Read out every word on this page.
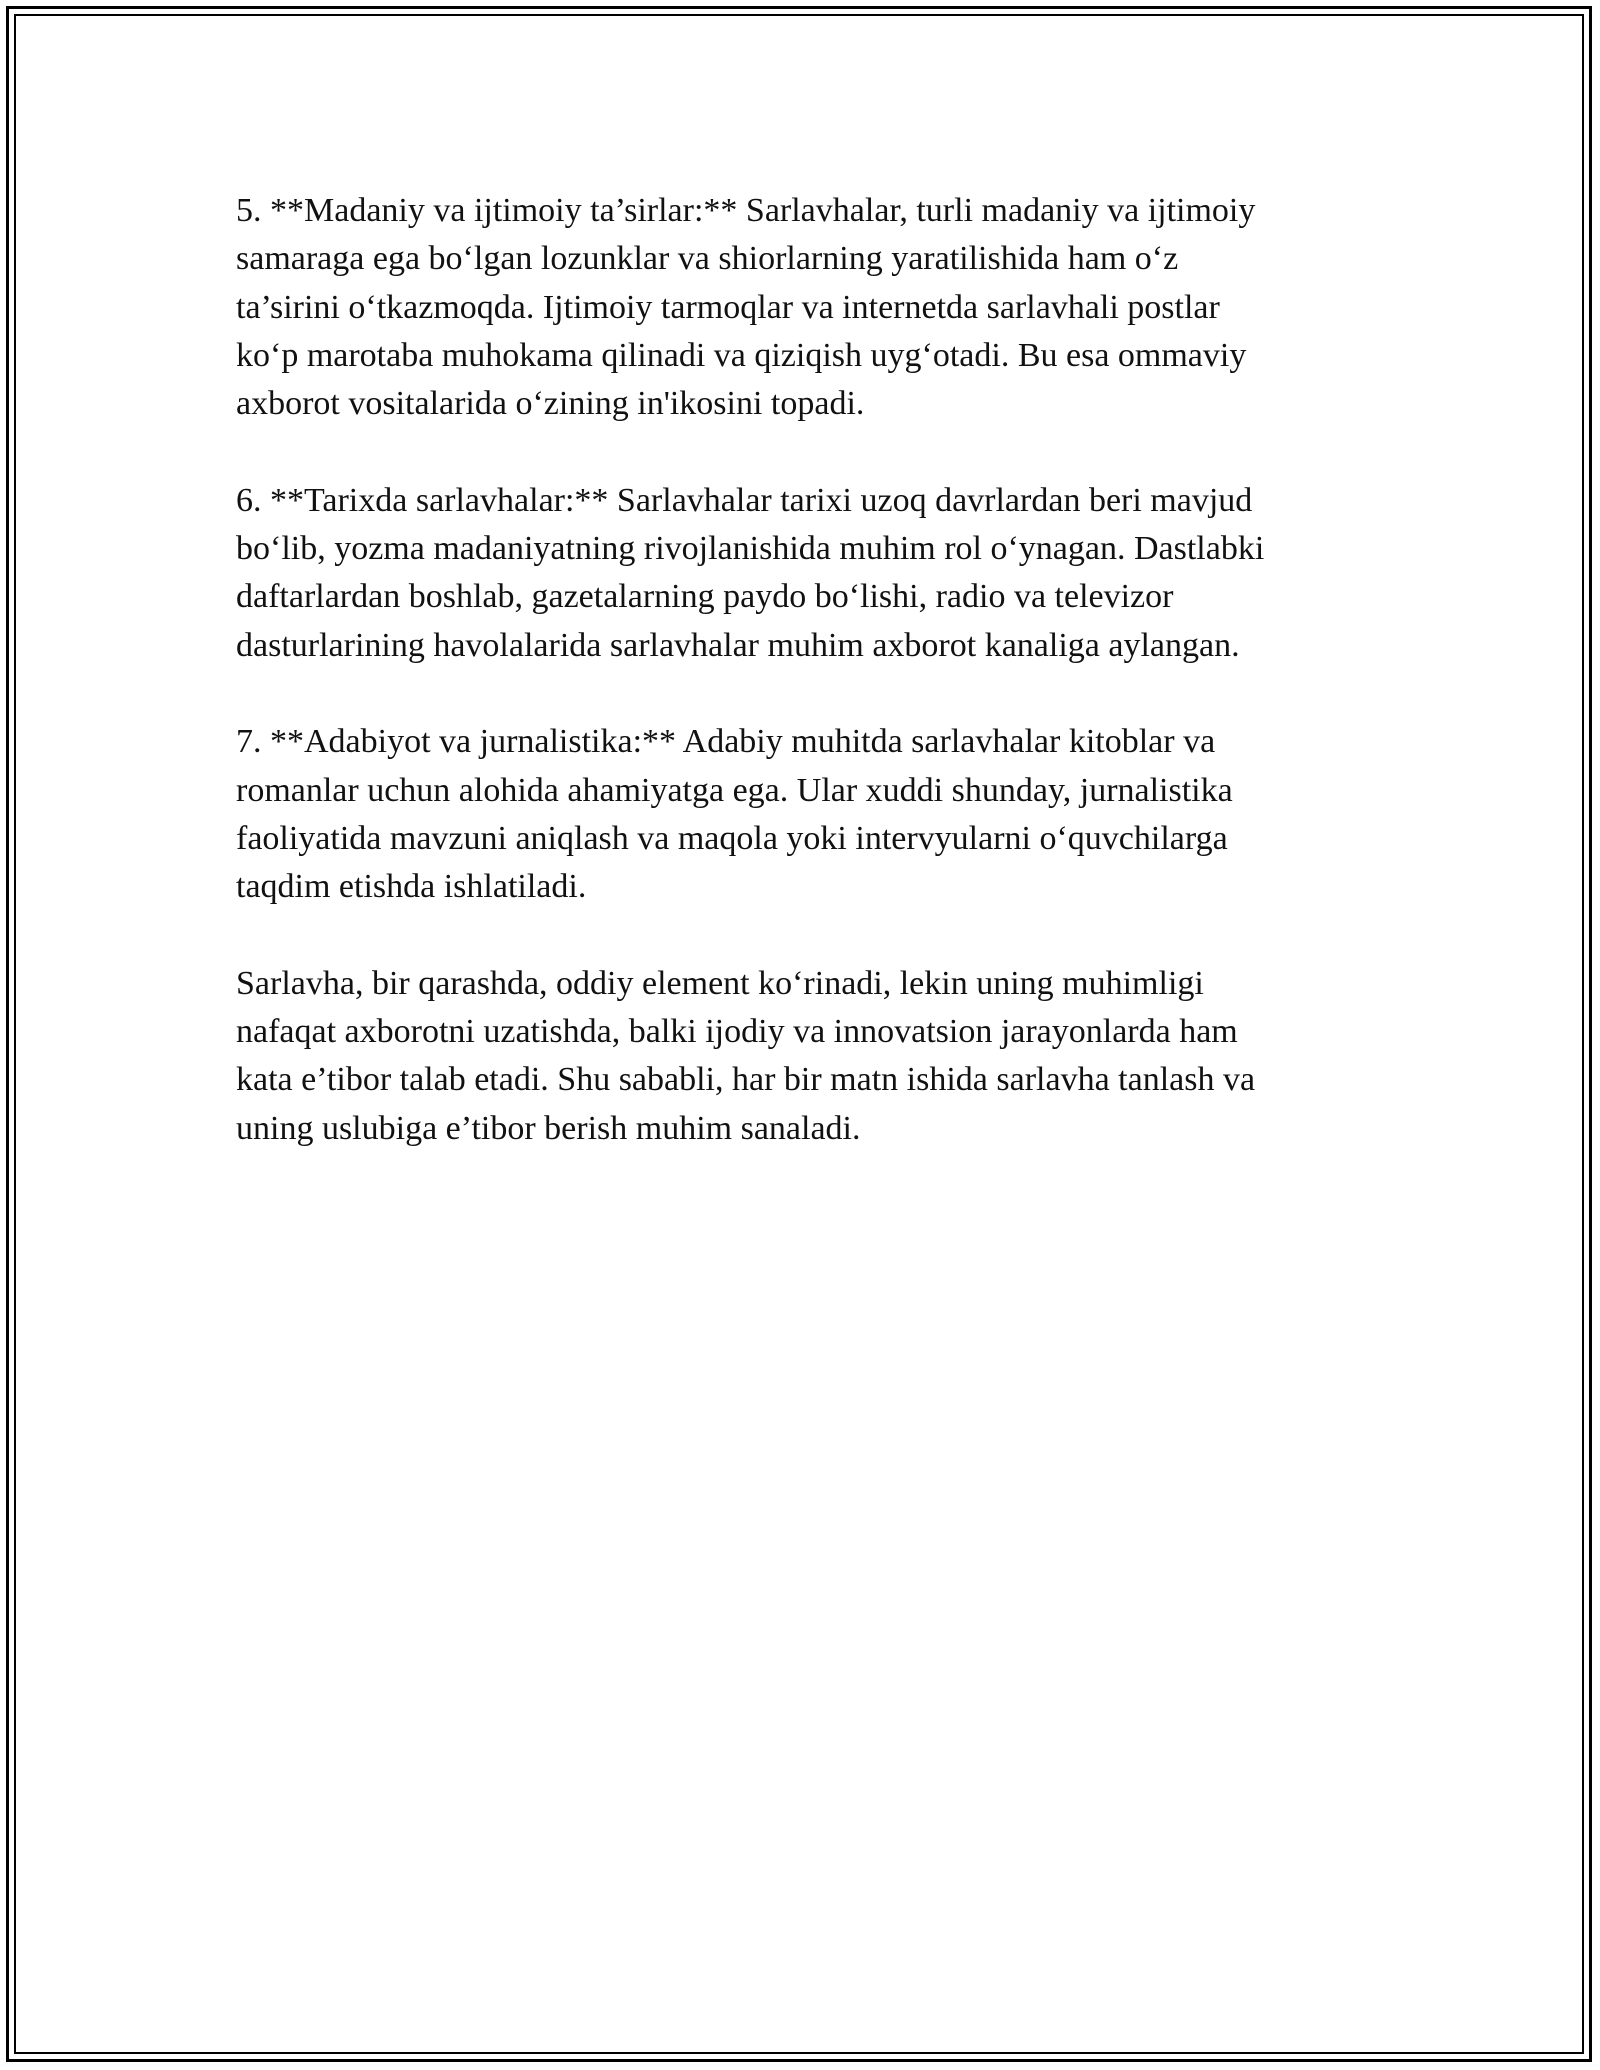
5. **Madaniy va ijtimoiy ta’sirlar:** Sarlavhalar, turli madaniy va ijtimoiy
samaraga ega bo‘lgan lozunklar va shiorlarning yaratilishida ham o‘z
ta’sirini o‘tkazmoqda. Ijtimoiy tarmoqlar va internetda sarlavhali postlar
ko‘p marotaba muhokama qilinadi va qiziqish uyg‘otadi. Bu esa ommaviy
axborot vositalarida o‘zining in'ikosini topadi.

6. **Tarixda sarlavhalar:** Sarlavhalar tarixi uzoq davrlardan beri mavjud
bo‘lib, yozma madaniyatning rivojlanishida muhim rol o‘ynagan. Dastlabki
daftarlardan boshlab, gazetalarning paydo bo‘lishi, radio va televizor
dasturlarining havolalarida sarlavhalar muhim axborot kanaliga aylangan.

7. **Adabiyot va jurnalistika:** Adabiy muhitda sarlavhalar kitoblar va
romanlar uchun alohida ahamiyatga ega. Ular xuddi shunday, jurnalistika
faoliyatida mavzuni aniqlash va maqola yoki intervyularni o‘quvchilarga
taqdim etishda ishlatiladi.

Sarlavha, bir qarashda, oddiy element ko‘rinadi, lekin uning muhimligi
nafaqat axborotni uzatishda, balki ijodiy va innovatsion jarayonlarda ham
kata e’tibor talab etadi. Shu sababli, har bir matn ishida sarlavha tanlash va
uning uslubiga e’tibor berish muhim sanaladi.
